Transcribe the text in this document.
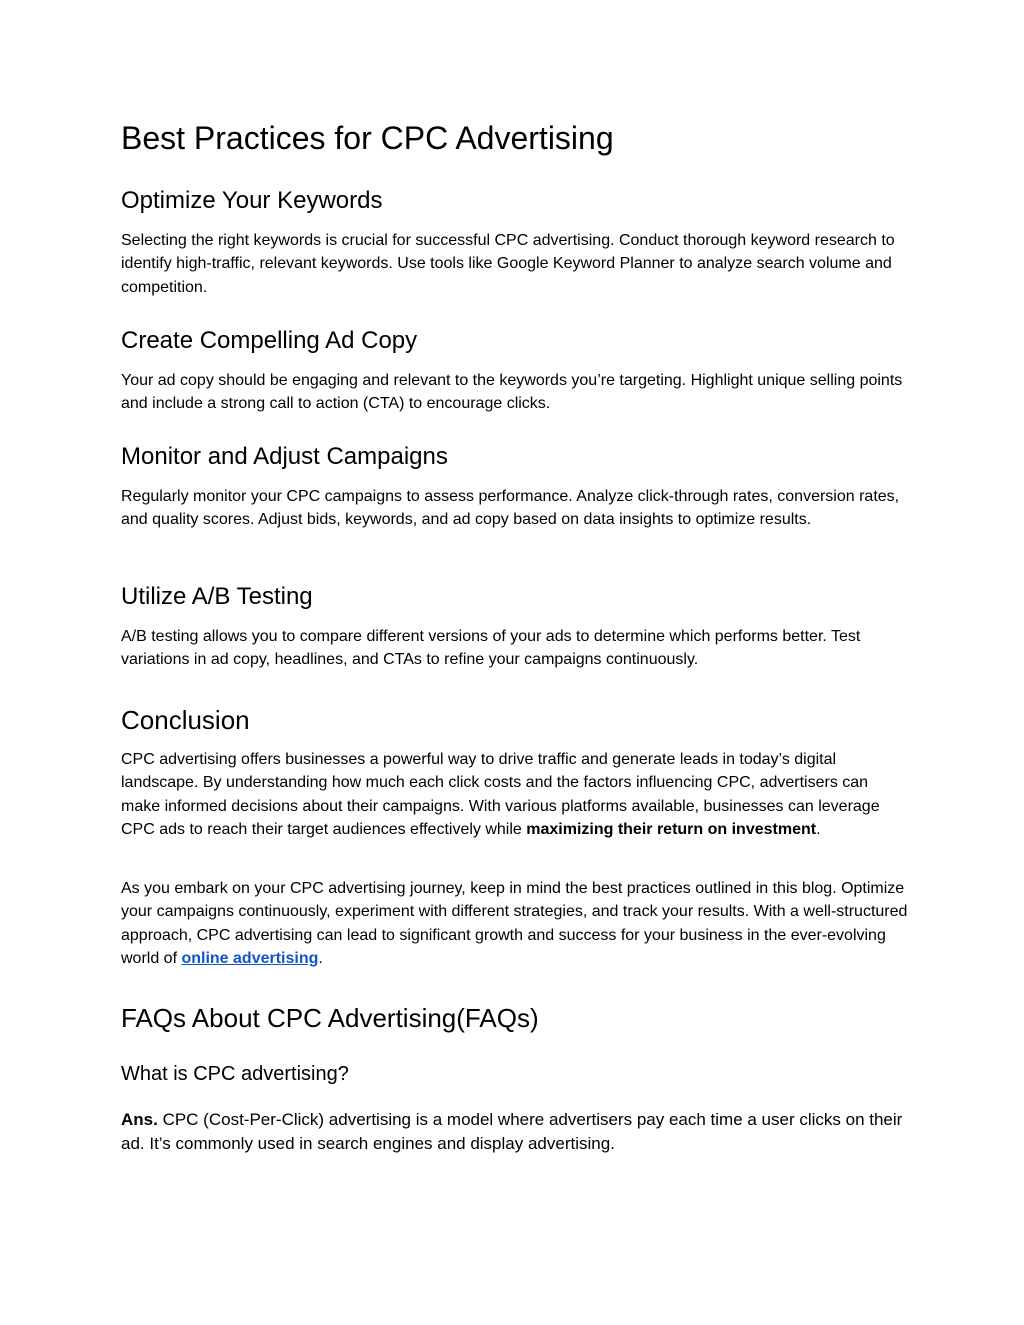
Best Practices for CPC Advertising
Optimize Your Keywords

Selecting the right keywords is crucial for successful CPC advertising. Conduct thorough keyword research to identify high-traffic, relevant keywords. Use tools like Google Keyword Planner to analyze search volume and competition.

Create Compelling Ad Copy

Your ad copy should be engaging and relevant to the keywords you’re targeting. Highlight unique selling points and include a strong call to action (CTA) to encourage clicks.

Monitor and Adjust Campaigns

Regularly monitor your CPC campaigns to assess performance. Analyze click-through rates, conversion rates, and quality scores. Adjust bids, keywords, and ad copy based on data insights to optimize results.

Utilize A/B Testing

A/B testing allows you to compare different versions of your ads to determine which performs better. Test variations in ad copy, headlines, and CTAs to refine your campaigns continuously.

Conclusion

CPC advertising offers businesses a powerful way to drive traffic and generate leads in today’s digital landscape. By understanding how much each click costs and the factors influencing CPC, advertisers can make informed decisions about their campaigns. With various platforms available, businesses can leverage CPC ads to reach their target audiences effectively while maximizing their return on investment.

As you embark on your CPC advertising journey, keep in mind the best practices outlined in this blog. Optimize your campaigns continuously, experiment with different strategies, and track your results. With a well-structured approach, CPC advertising can lead to significant growth and success for your business in the ever-evolving world of online advertising.

FAQs About CPC Advertising(FAQs)
What is CPC advertising?

Ans. CPC (Cost-Per-Click) advertising is a model where advertisers pay each time a user clicks on their ad. It’s commonly used in search engines and display advertising.
